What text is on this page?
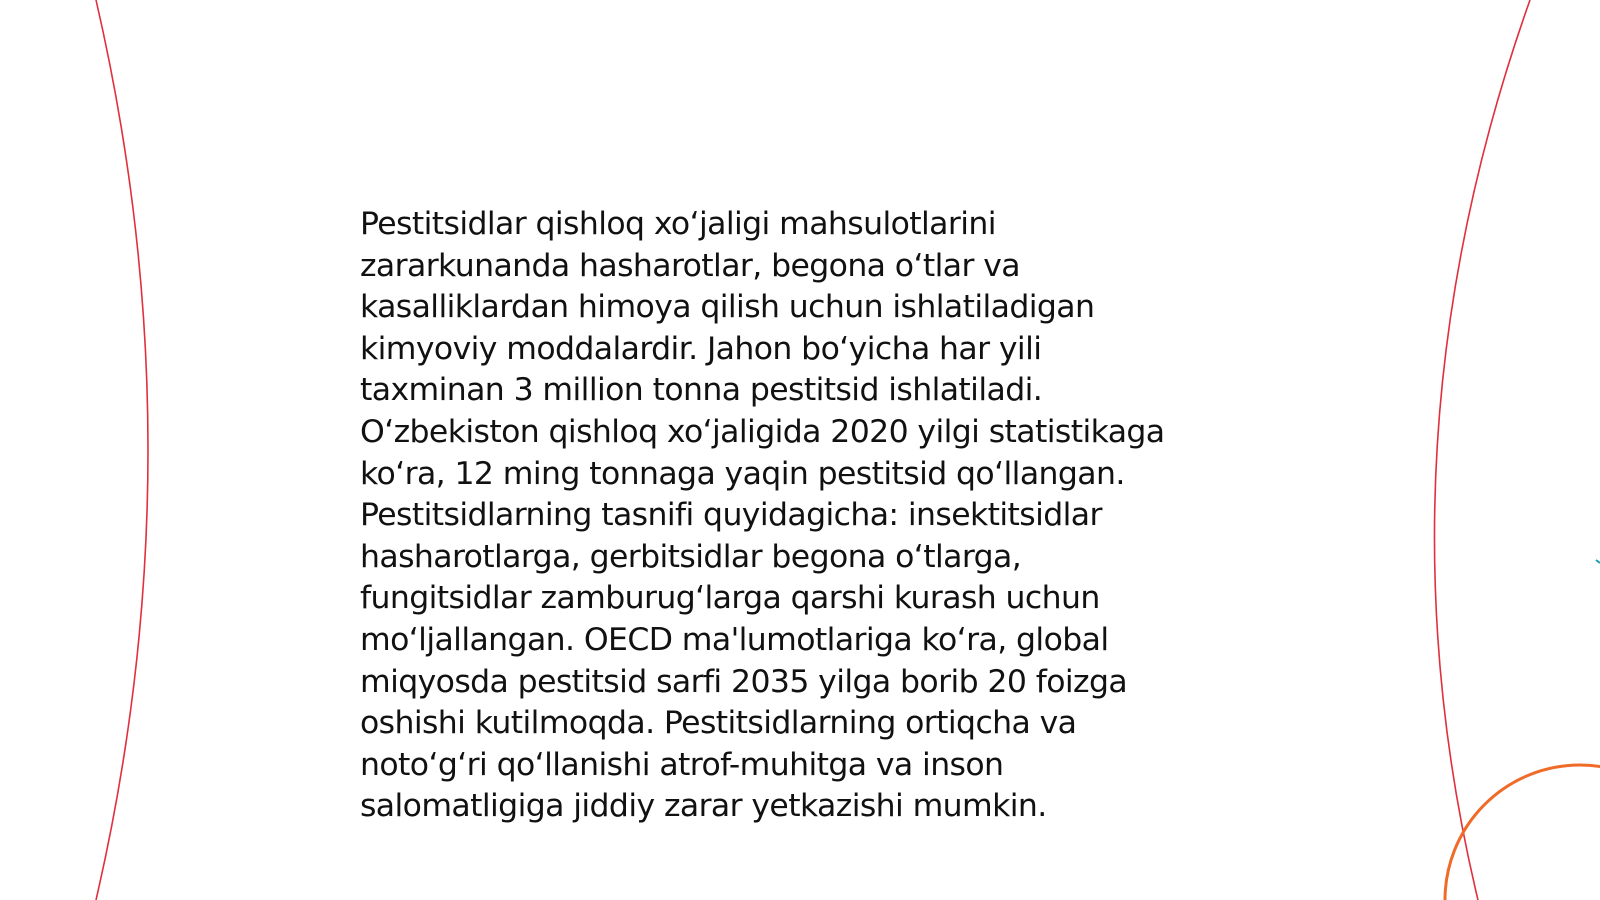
Pestitsidlar qishloq xo‘jaligi mahsulotlarini
zararkunanda hasharotlar, begona o‘tlar va
kasalliklardan himoya qilish uchun ishlatiladigan
kimyoviy moddalardir. Jahon bo‘yicha har yili
taxminan 3 million tonna pestitsid ishlatiladi.
O‘zbekiston qishloq xo‘jaligida 2020 yilgi statistikaga
ko‘ra, 12 ming tonnaga yaqin pestitsid qo‘llangan.
Pestitsidlarning tasnifi quyidagicha: insektitsidlar
hasharotlarga, gerbitsidlar begona o‘tlarga,
fungitsidlar zamburug‘larga qarshi kurash uchun
mo‘ljallangan. OECD ma'lumotlariga ko‘ra, global
miqyosda pestitsid sarfi 2035 yilga borib 20 foizga
oshishi kutilmoqda. Pestitsidlarning ortiqcha va
noto‘g‘ri qo‘llanishi atrof-muhitga va inson
salomatligiga jiddiy zarar yetkazishi mumkin.
